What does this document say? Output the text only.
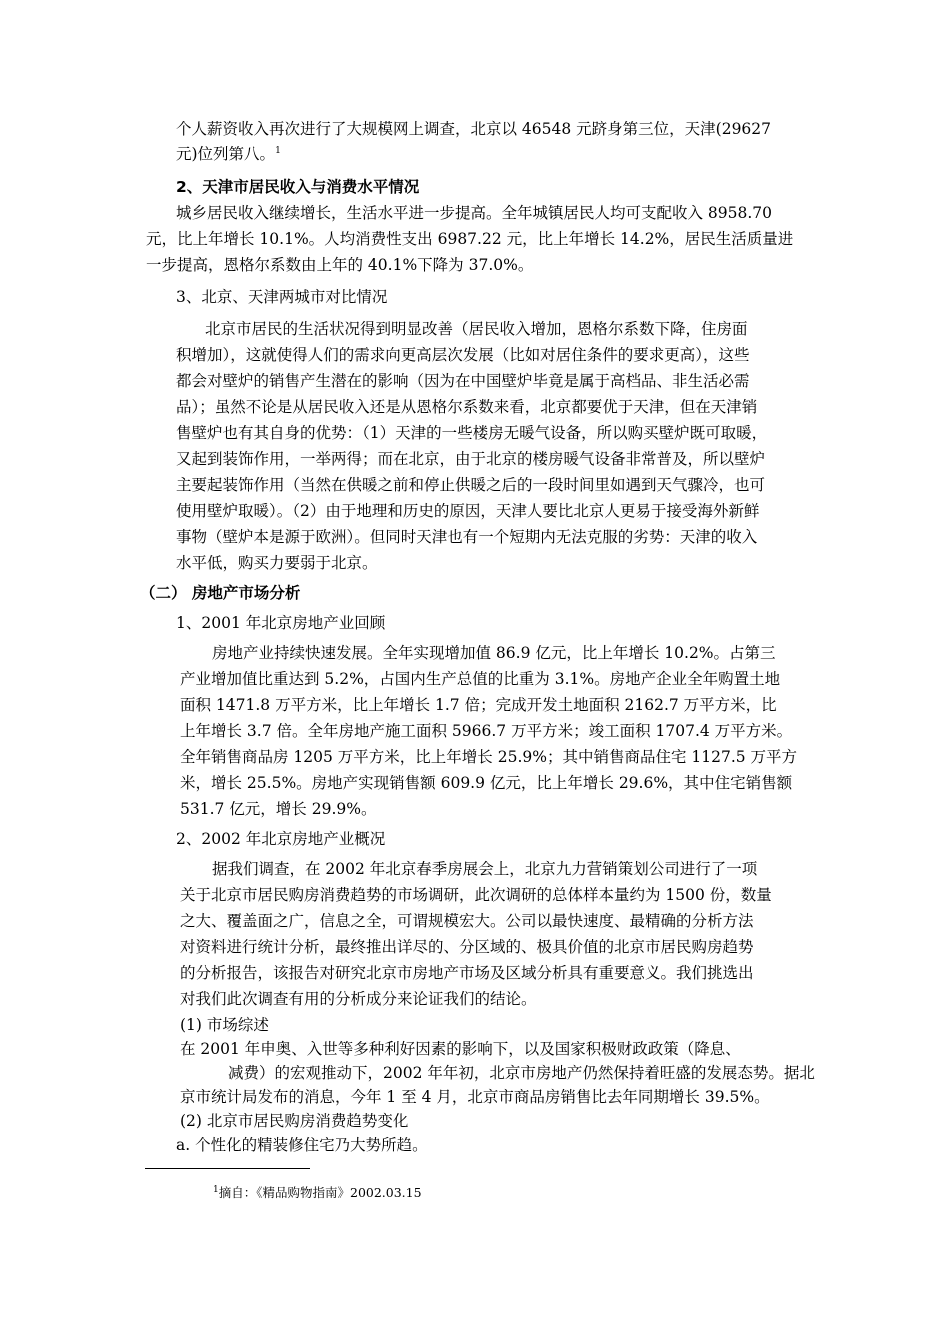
个人薪资收入再次进行了大规模网上调查，北京以 46548 元跻身第三位，天津(29627
元)位列第八。$^1$
2、天津市居民收入与消费水平情况
城乡居民收入继续增长，生活水平进一步提高。全年城镇居民人均可支配收入 8958.70
元，比上年增长 10.1%。人均消费性支出 6987.22 元，比上年增长 14.2%，居民生活质量进
一步提高，恩格尔系数由上年的 40.1%下降为 37.0%。
3、北京、天津两城市对比情况
北京市居民的生活状况得到明显改善（居民收入增加，恩格尔系数下降，住房面
积增加），这就使得人们的需求向更高层次发展（比如对居住条件的要求更高），这些
都会对壁炉的销售产生潜在的影响（因为在中国壁炉毕竟是属于高档品、非生活必需
品）；虽然不论是从居民收入还是从恩格尔系数来看，北京都要优于天津，但在天津销
售壁炉也有其自身的优势：（1）天津的一些楼房无暖气设备，所以购买壁炉既可取暖，
又起到装饰作用，一举两得；而在北京，由于北京的楼房暖气设备非常普及，所以壁炉
主要起装饰作用（当然在供暖之前和停止供暖之后的一段时间里如遇到天气骤冷，也可
使用壁炉取暖）。（2）由于地理和历史的原因，天津人要比北京人更易于接受海外新鲜
事物（壁炉本是源于欧洲）。但同时天津也有一个短期内无法克服的劣势：天津的收入
水平低，购买力要弱于北京。
（二） 房地产市场分析
1、2001 年北京房地产业回顾
房地产业持续快速发展。全年实现增加值 86.9 亿元，比上年增长 10.2%。占第三
产业增加值比重达到 5.2%，占国内生产总值的比重为 3.1%。房地产企业全年购置土地
面积 1471.8 万平方米，比上年增长 1.7 倍；完成开发土地面积 2162.7 万平方米，比
上年增长 3.7 倍。全年房地产施工面积 5966.7 万平方米；竣工面积 1707.4 万平方米。
全年销售商品房 1205 万平方米，比上年增长 25.9%；其中销售商品住宅 1127.5 万平方
米，增长 25.5%。房地产实现销售额 609.9 亿元，比上年增长 29.6%，其中住宅销售额
531.7 亿元，增长 29.9%。
2、2002 年北京房地产业概况
据我们调查，在 2002 年北京春季房展会上，北京九力营销策划公司进行了一项
关于北京市居民购房消费趋势的市场调研，此次调研的总体样本量约为 1500 份，数量
之大、覆盖面之广，信息之全，可谓规模宏大。公司以最快速度、最精确的分析方法
对资料进行统计分析，最终推出详尽的、分区域的、极具价值的北京市居民购房趋势
的分析报告，该报告对研究北京市房地产市场及区域分析具有重要意义。我们挑选出
对我们此次调查有用的分析成分来论证我们的结论。
(1) 市场综述
在 2001 年申奥、入世等多种利好因素的影响下，以及国家积极财政政策（降息、
减费）的宏观推动下，2002 年年初，北京市房地产仍然保持着旺盛的发展态势。据北
京市统计局发布的消息，今年 1 至 4 月，北京市商品房销售比去年同期增长 39.5%。
(2) 北京市居民购房消费趋势变化
a. 个性化的精装修住宅乃大势所趋。
$^1$摘自：《精品购物指南》2002.03.15
